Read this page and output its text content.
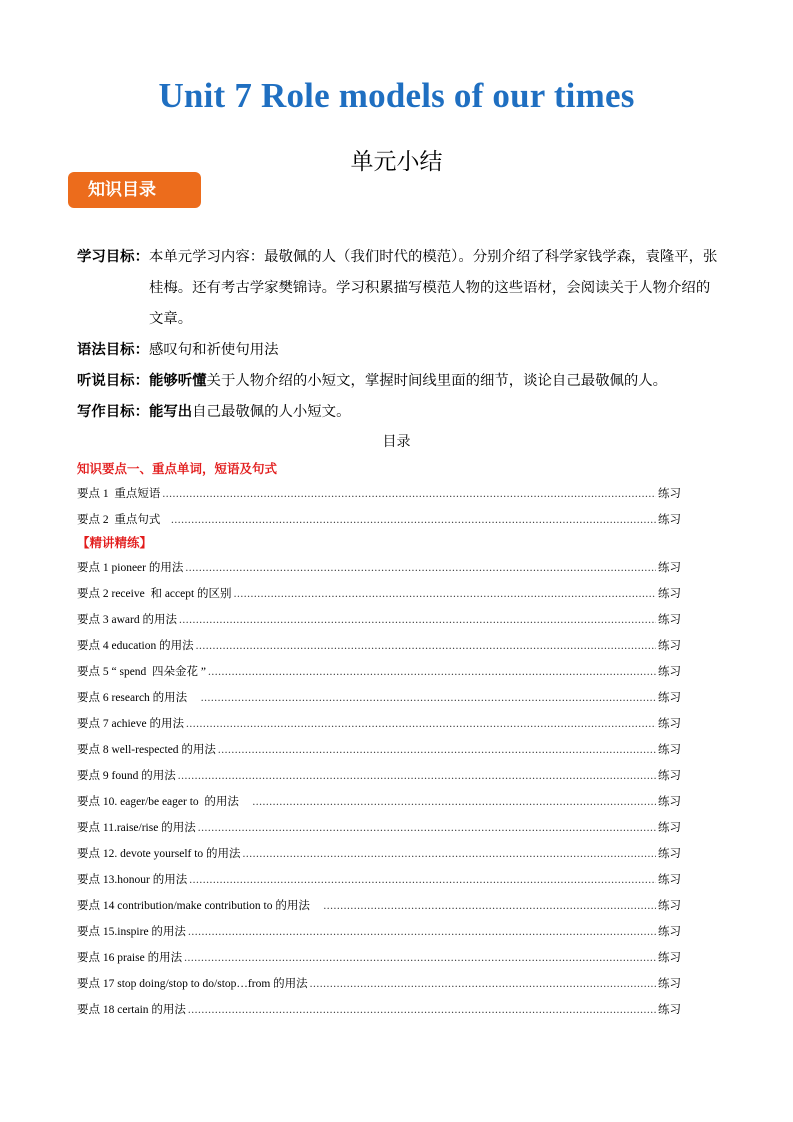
Unit 7 Role models of our times
单元小结
知识目录
学习目标： 本单元学习内容：最敬佩的人（我们时代的模范）。分别介绍了科学家钱学森，袁隆平，张桂梅。还有考古学家樊锦诗。学习积累描写模范人物的这些语材，会阅读关于人物介绍的文章。
语法目标： 感叹句和祈使句用法
听说目标： 能够听懂关于人物介绍的小短文，掌握时间线里面的细节，谈论自己最敬佩的人。
写作目标： 能写出自己最敬佩的人小短文。
目录
知识要点一、重点单词，短语及句式
要点 1  重点短语 .....	练习
要点 2  重点句式 .....	练习
【精讲精练】
要点 1 pioneer 的用法 .....	练习
要点 2 receive  和 accept 的区别 .....	练习
要点 3 award 的用法 .....	练习
要点 4 education 的用法 .....	练习
要点 5 “ spend  四朵金花 ” .....	练习
要点 6 research 的用法 .....	练习
要点 7 achieve 的用法 .....	练习
要点 8 well-respected 的用法 .....	练习
要点 9 found 的用法 .....	练习
要点 10. eager/be eager to  的用法 .....	练习
要点 11.raise/rise 的用法 .....	练习
要点 12. devote yourself to 的用法 .....	练习
要点 13.honour 的用法 .....	练习
要点 14 contribution/make contribution to 的用法 .....	练习
要点 15.inspire 的用法 .....	练习
要点 16 praise 的用法 .....	练习
要点 17 stop doing/stop to do/stop…from 的用法 .....	练习
要点 18 certain 的用法 .....	练习
